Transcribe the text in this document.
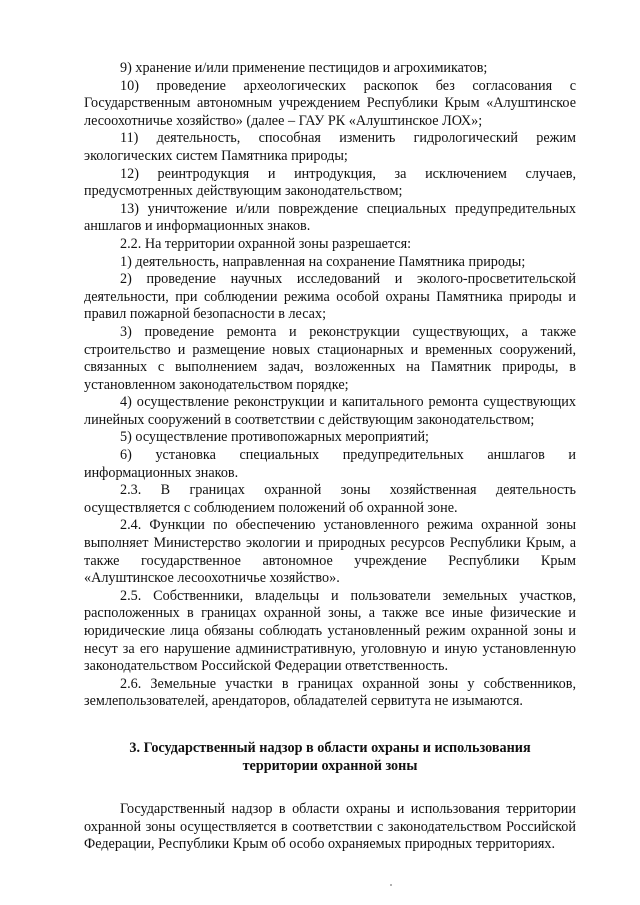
9) хранение и/или применение пестицидов и агрохимикатов;

10) проведение археологических раскопок без согласования с Государственным автономным учреждением Республики Крым «Алуштинское лесоохотничье хозяйство» (далее – ГАУ РК «Алуштинское ЛОХ»;

11) деятельность, способная изменить гидрологический режим экологических систем Памятника природы;

12) реинтродукция и интродукция, за исключением случаев, предусмотренных действующим законодательством;

13) уничтожение и/или повреждение специальных предупредительных аншлагов и информационных знаков.

2.2. На территории охранной зоны разрешается:

1) деятельность, направленная на сохранение Памятника природы;

2) проведение научных исследований и эколого-просветительской деятельности, при соблюдении режима особой охраны Памятника природы и правил пожарной безопасности в лесах;

3) проведение ремонта и реконструкции существующих, а также строительство и размещение новых стационарных и временных сооружений, связанных с выполнением задач, возложенных на Памятник природы, в установленном законодательством порядке;

4) осуществление реконструкции и капитального ремонта существующих линейных сооружений в соответствии с действующим законодательством;

5) осуществление противопожарных мероприятий;

6) установка специальных предупредительных аншлагов и информационных знаков.

2.3. В границах охранной зоны хозяйственная деятельность осуществляется с соблюдением положений об охранной зоне.

2.4. Функции по обеспечению установленного режима охранной зоны выполняет Министерство экологии и природных ресурсов Республики Крым, а также государственное автономное учреждение Республики Крым «Алуштинское лесоохотничье хозяйство».

2.5. Собственники, владельцы и пользователи земельных участков, расположенных в границах охранной зоны, а также все иные физические и юридические лица обязаны соблюдать установленный режим охранной зоны и несут за его нарушение административную, уголовную и иную установленную законодательством Российской Федерации ответственность.

2.6. Земельные участки в границах охранной зоны у собственников, землепользователей, арендаторов, обладателей сервитута не изымаются.

3. Государственный надзор в области охраны и использования
территории охранной зоны

Государственный надзор в области охраны и использования территории охранной зоны осуществляется в соответствии с законодательством Российской Федерации, Республики Крым об особо охраняемых природных территориях.
